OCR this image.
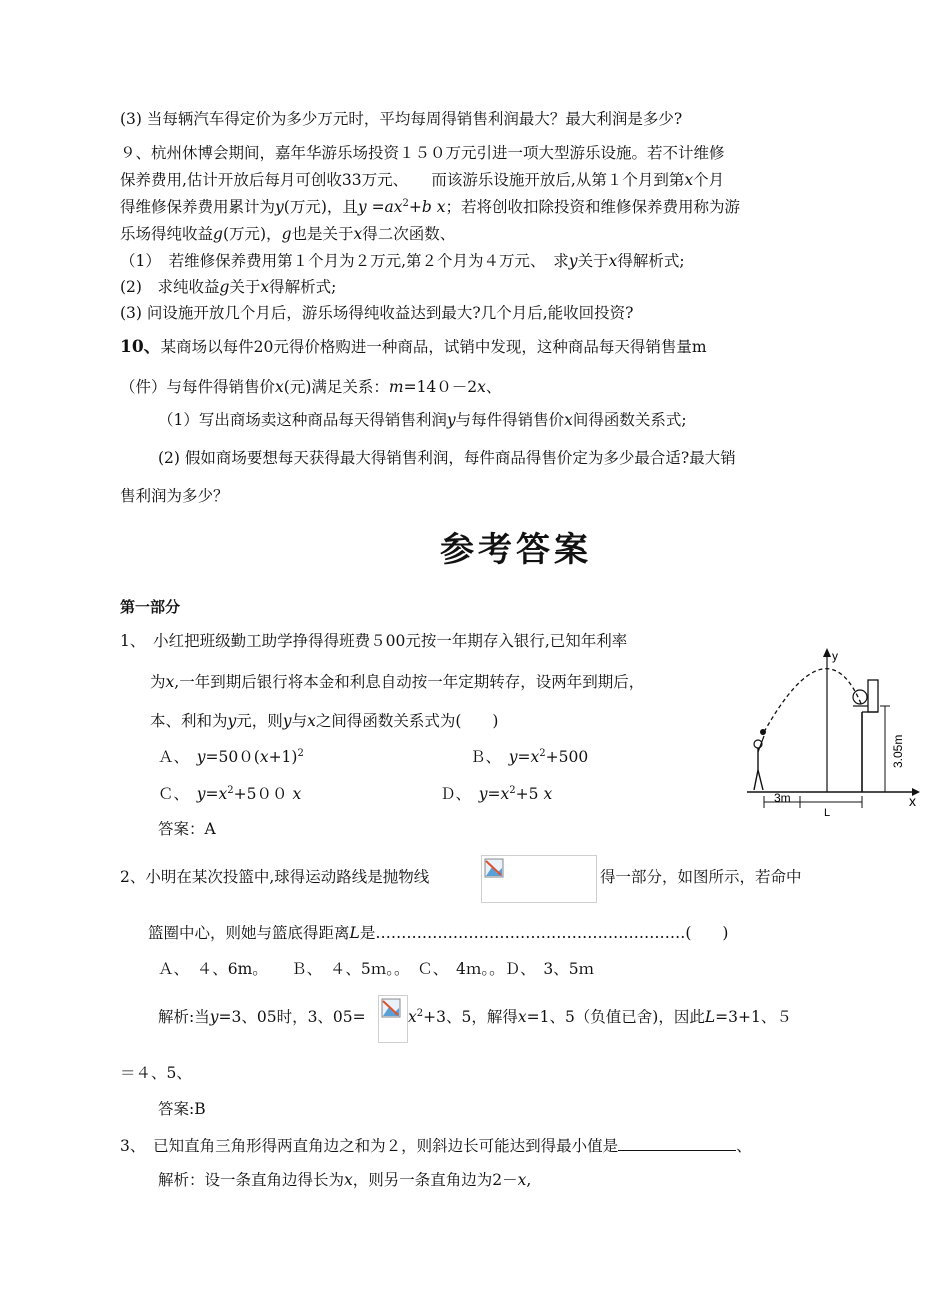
(3) 当每辆汽车得定价为多少万元时，平均每周得销售利润最大？最大利润是多少?
９、杭州休博会期间，嘉年华游乐场投资１５０万元引进一项大型游乐设施。若不计维修
保养费用,估计开放后每月可创收33万元、　　 而该游乐设施开放后,从第１个月到第x个月
得维修保养费用累计为y(万元)，且$y =ax^2+b$ x；若将创收扣除投资和维修保养费用称为游
乐场得纯收益g(万元)，g也是关于x得二次函数、
（1）　若维修保养费用第１个月为２万元,第２个月为４万元、　求y关于x得解析式;
(2)　求纯收益g关于x得解析式;
(3) 问设施开放几个月后，游乐场得纯收益达到最大?几个月后,能收回投资?
10、某商场以每件20元得价格购进一种商品，试销中发现，这种商品每天得销售量m
（件）与每件得销售价x(元)满足关系：m=14０－2x、
（1）写出商场卖这种商品每天得销售利润y与每件得销售价x间得函数关系式;
(2) 假如商场要想每天获得最大得销售利润，每件商品得售价定为多少最合适?最大销
售利润为多少？
参考答案
第一部分
1、　小红把班级勤工助学挣得得班费５00元按一年期存入银行,已知年利率
为x,一年到期后银行将本金和利息自动按一年定期转存，设两年到期后，
本、利和为y元，则y与x之间得函数关系式为(　　)
Ａ、　 $y=500(x+1)^2$	Ｂ、　 $y=x^2+500$
Ｃ、　 $y=x^2+500$ x	Ｄ、　 $y=x^2+5$ x
答案：A
y
x
3.05m
3m
L
2、小明在某次投篮中,球得运动路线是抛物线	得一部分，如图所示，若命中
篮圈中心，则她与篮底得距离L是……………………………………………………(　　)
Ａ、　４、6m。　　 Ｂ、　４、5ｍ。。　 Ｃ、　4ｍ。。Ｄ、　3、5ｍ
解析:当y=3、05时，3、05=	$x^2+3$、5，解得x=1、5（负值已舍)，因此L=3+1、５
＝４、5、
答案:B
3、　已知直角三角形得两直角边之和为２，则斜边长可能达到得最小值是	、
解析：设一条直角边得长为x，则另一条直角边为2－x,
